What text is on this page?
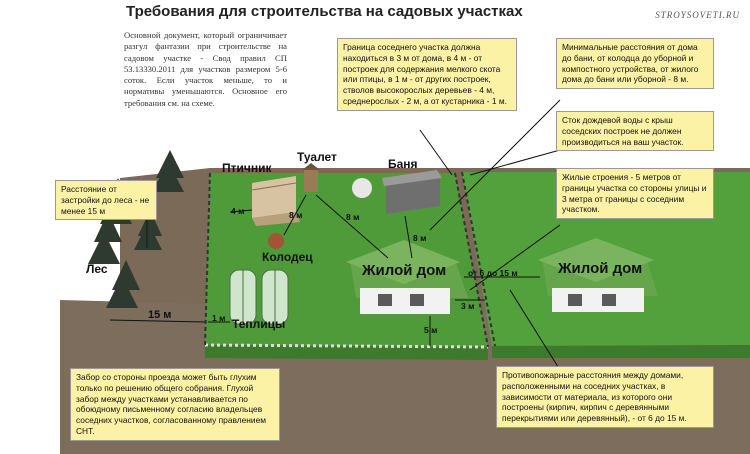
Требования для строительства на садовых участках	STROYSOVETI.RU
Основной документ, который ограничивает разгул фантазии при строительстве на садовом участке - Свод правил СП 53.13330.2011 для участков размером 5-6 соток. Если участок меньше, то и нормативы уменьшаются. Основное его требования см. на схеме.
Граница соседнего участка должна находиться в 3 м от дома, в 4 м - от построек для содержания мелкого скота или птицы, в 1 м - от других построек, стволов высокорослых деревьев - 4 м, среднерослых - 2 м, а от кустарника - 1 м.
Минимальные расстояния от дома до бани, от колодца до уборной и компостного устройства, от жилого дома до бани или уборной - 8 м.
Сток дождевой воды с крыш соседских построек не должен производиться на ваш участок.
Жилые строения - 5 метров от границы участка со стороны улицы и 3 метра от границы с соседним участком.
Расстояние от застройки до леса - не менее 15 м
Забор со стороны проезда может быть глухим только по решению общего собрания. Глухой забор между участками устанавливается по обоюдному письменному согласию владельцев соседних участков, согласованному правлением СНТ.
Противопожарные расстояния между домами, расположенными на соседних участках, в зависимости от материала, из которого они построены (кирпич, кирпич с деревянными перекрытиями или деревянный), - от 6 до 15 м.
Птичник
Туалет	Баня
Колодец
Теплицы
Лес	Жилой дом	Жилой дом
15 м
4 м	8 м	8 м
8 м
от 6 до 15 м
3 м
5 м
1 м
